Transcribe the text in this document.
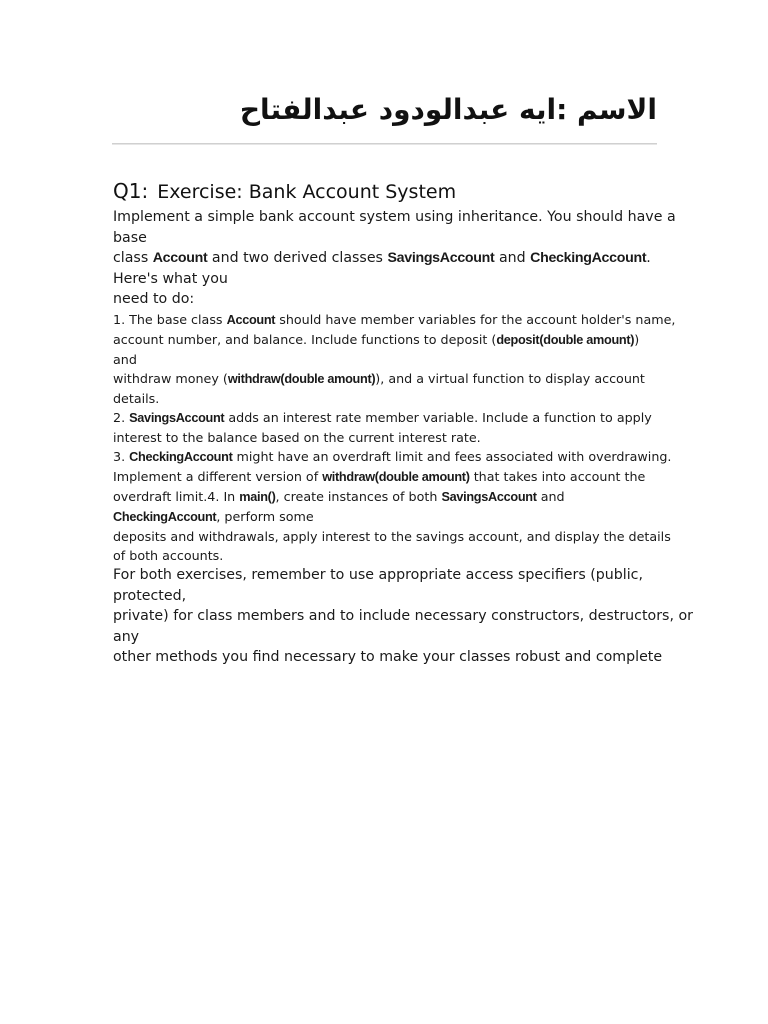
الاسم :ايه عبدالودود عبدالفتاح
Q1: Exercise: Bank Account System
Implement a simple bank account system using inheritance. You should have a
base
class Account and two derived classes SavingsAccount and CheckingAccount.
Here's what you
need to do:
1. The base class Account should have member variables for the account holder's name,
account number, and balance. Include functions to deposit (deposit(double amount))
and
withdraw money (withdraw(double amount)), and a virtual function to display account
details.
2. SavingsAccount adds an interest rate member variable. Include a function to apply
interest to the balance based on the current interest rate.
3. CheckingAccount might have an overdraft limit and fees associated with overdrawing.
Implement a different version of withdraw(double amount) that takes into account the
overdraft limit.4. In main(), create instances of both SavingsAccount and
CheckingAccount, perform some
deposits and withdrawals, apply interest to the savings account, and display the details
of both accounts.
For both exercises, remember to use appropriate access specifiers (public,
protected,
private) for class members and to include necessary constructors, destructors, or
any
other methods you find necessary to make your classes robust and complete
